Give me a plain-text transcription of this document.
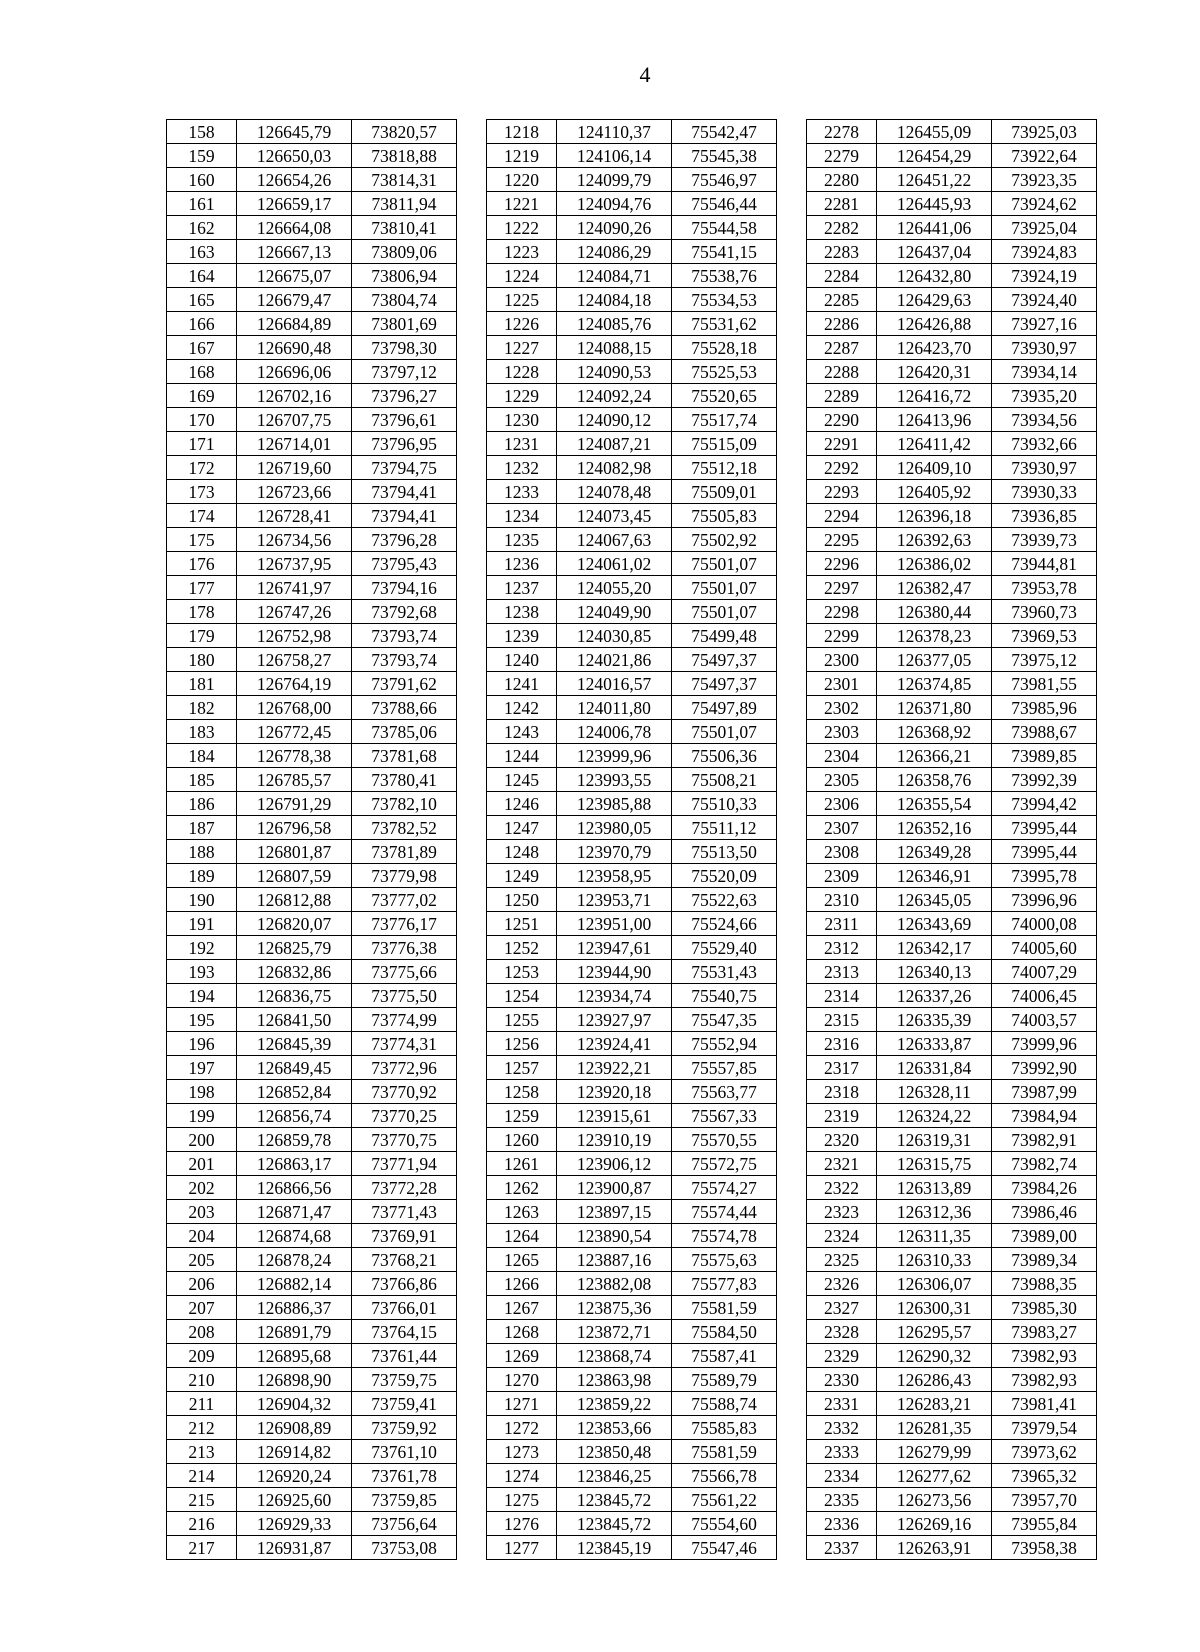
4
158	126645,79	73820,57		1218	124110,37	75542,47		2278	126455,09	73925,03
159	126650,03	73818,88		1219	124106,14	75545,38		2279	126454,29	73922,64
160	126654,26	73814,31		1220	124099,79	75546,97		2280	126451,22	73923,35
161	126659,17	73811,94		1221	124094,76	75546,44		2281	126445,93	73924,62
162	126664,08	73810,41		1222	124090,26	75544,58		2282	126441,06	73925,04
163	126667,13	73809,06		1223	124086,29	75541,15		2283	126437,04	73924,83
164	126675,07	73806,94		1224	124084,71	75538,76		2284	126432,80	73924,19
165	126679,47	73804,74		1225	124084,18	75534,53		2285	126429,63	73924,40
166	126684,89	73801,69		1226	124085,76	75531,62		2286	126426,88	73927,16
167	126690,48	73798,30		1227	124088,15	75528,18		2287	126423,70	73930,97
168	126696,06	73797,12		1228	124090,53	75525,53		2288	126420,31	73934,14
169	126702,16	73796,27		1229	124092,24	75520,65		2289	126416,72	73935,20
170	126707,75	73796,61		1230	124090,12	75517,74		2290	126413,96	73934,56
171	126714,01	73796,95		1231	124087,21	75515,09		2291	126411,42	73932,66
172	126719,60	73794,75		1232	124082,98	75512,18		2292	126409,10	73930,97
173	126723,66	73794,41		1233	124078,48	75509,01		2293	126405,92	73930,33
174	126728,41	73794,41		1234	124073,45	75505,83		2294	126396,18	73936,85
175	126734,56	73796,28		1235	124067,63	75502,92		2295	126392,63	73939,73
176	126737,95	73795,43		1236	124061,02	75501,07		2296	126386,02	73944,81
177	126741,97	73794,16		1237	124055,20	75501,07		2297	126382,47	73953,78
178	126747,26	73792,68		1238	124049,90	75501,07		2298	126380,44	73960,73
179	126752,98	73793,74		1239	124030,85	75499,48		2299	126378,23	73969,53
180	126758,27	73793,74		1240	124021,86	75497,37		2300	126377,05	73975,12
181	126764,19	73791,62		1241	124016,57	75497,37		2301	126374,85	73981,55
182	126768,00	73788,66		1242	124011,80	75497,89		2302	126371,80	73985,96
183	126772,45	73785,06		1243	124006,78	75501,07		2303	126368,92	73988,67
184	126778,38	73781,68		1244	123999,96	75506,36		2304	126366,21	73989,85
185	126785,57	73780,41		1245	123993,55	75508,21		2305	126358,76	73992,39
186	126791,29	73782,10		1246	123985,88	75510,33		2306	126355,54	73994,42
187	126796,58	73782,52		1247	123980,05	75511,12		2307	126352,16	73995,44
188	126801,87	73781,89		1248	123970,79	75513,50		2308	126349,28	73995,44
189	126807,59	73779,98		1249	123958,95	75520,09		2309	126346,91	73995,78
190	126812,88	73777,02		1250	123953,71	75522,63		2310	126345,05	73996,96
191	126820,07	73776,17		1251	123951,00	75524,66		2311	126343,69	74000,08
192	126825,79	73776,38		1252	123947,61	75529,40		2312	126342,17	74005,60
193	126832,86	73775,66		1253	123944,90	75531,43		2313	126340,13	74007,29
194	126836,75	73775,50		1254	123934,74	75540,75		2314	126337,26	74006,45
195	126841,50	73774,99		1255	123927,97	75547,35		2315	126335,39	74003,57
196	126845,39	73774,31		1256	123924,41	75552,94		2316	126333,87	73999,96
197	126849,45	73772,96		1257	123922,21	75557,85		2317	126331,84	73992,90
198	126852,84	73770,92		1258	123920,18	75563,77		2318	126328,11	73987,99
199	126856,74	73770,25		1259	123915,61	75567,33		2319	126324,22	73984,94
200	126859,78	73770,75		1260	123910,19	75570,55		2320	126319,31	73982,91
201	126863,17	73771,94		1261	123906,12	75572,75		2321	126315,75	73982,74
202	126866,56	73772,28		1262	123900,87	75574,27		2322	126313,89	73984,26
203	126871,47	73771,43		1263	123897,15	75574,44		2323	126312,36	73986,46
204	126874,68	73769,91		1264	123890,54	75574,78		2324	126311,35	73989,00
205	126878,24	73768,21		1265	123887,16	75575,63		2325	126310,33	73989,34
206	126882,14	73766,86		1266	123882,08	75577,83		2326	126306,07	73988,35
207	126886,37	73766,01		1267	123875,36	75581,59		2327	126300,31	73985,30
208	126891,79	73764,15		1268	123872,71	75584,50		2328	126295,57	73983,27
209	126895,68	73761,44		1269	123868,74	75587,41		2329	126290,32	73982,93
210	126898,90	73759,75		1270	123863,98	75589,79		2330	126286,43	73982,93
211	126904,32	73759,41		1271	123859,22	75588,74		2331	126283,21	73981,41
212	126908,89	73759,92		1272	123853,66	75585,83		2332	126281,35	73979,54
213	126914,82	73761,10		1273	123850,48	75581,59		2333	126279,99	73973,62
214	126920,24	73761,78		1274	123846,25	75566,78		2334	126277,62	73965,32
215	126925,60	73759,85		1275	123845,72	75561,22		2335	126273,56	73957,70
216	126929,33	73756,64		1276	123845,72	75554,60		2336	126269,16	73955,84
217	126931,87	73753,08		1277	123845,19	75547,46		2337	126263,91	73958,38
